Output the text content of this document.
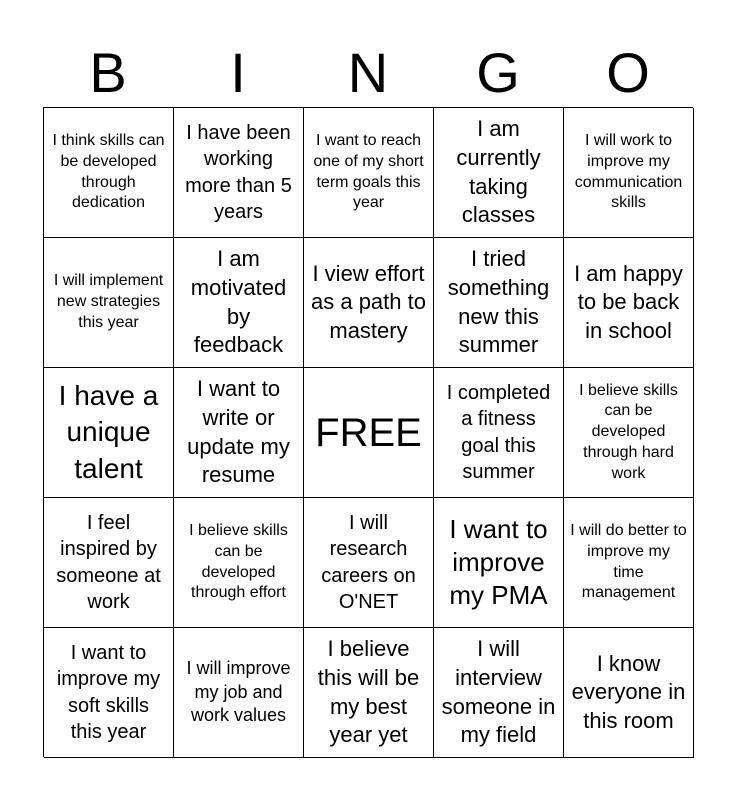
B	I	N	G	O
I think skills can be developed through dedication
I have been working more than 5 years
I want to reach one of my short term goals this year
I am currently taking classes
I will work to improve my communication skills
I will implement new strategies this year
I am motivated by feedback
I view effort as a path to mastery
I tried something new this summer
I am happy to be back in school
I have a unique talent
I want to write or update my resume
FREE
I completed a fitness goal this summer
I believe skills can be developed through hard work
I feel inspired by someone at work
I believe skills can be developed through effort
I will research careers on O'NET
I want to improve my PMA
I will do better to improve my time management
I want to improve my soft skills this year
I will improve my job and work values
I believe this will be my best year yet
I will interview someone in my field
I know everyone in this room
